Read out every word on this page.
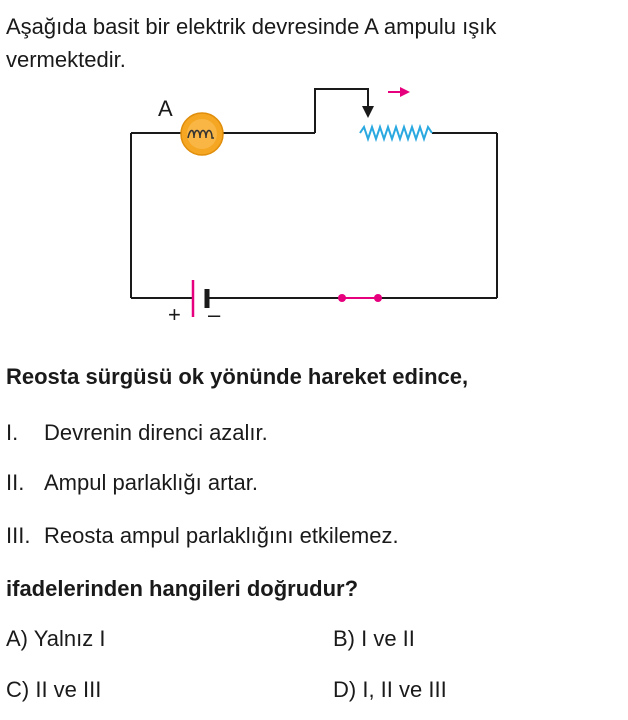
Aşağıda basit bir elektrik devresinde A ampulu ışık vermektedir.
A
+ –
Reosta sürgüsü ok yönünde hareket edince,
I. Devrenin direnci azalır.
II. Ampul parlaklığı artar.
III. Reosta ampul parlaklığını etkilemez.
ifadelerinden hangileri doğrudur?
A) Yalnız I	B) I ve II
C) II ve III	D) I, II ve III
